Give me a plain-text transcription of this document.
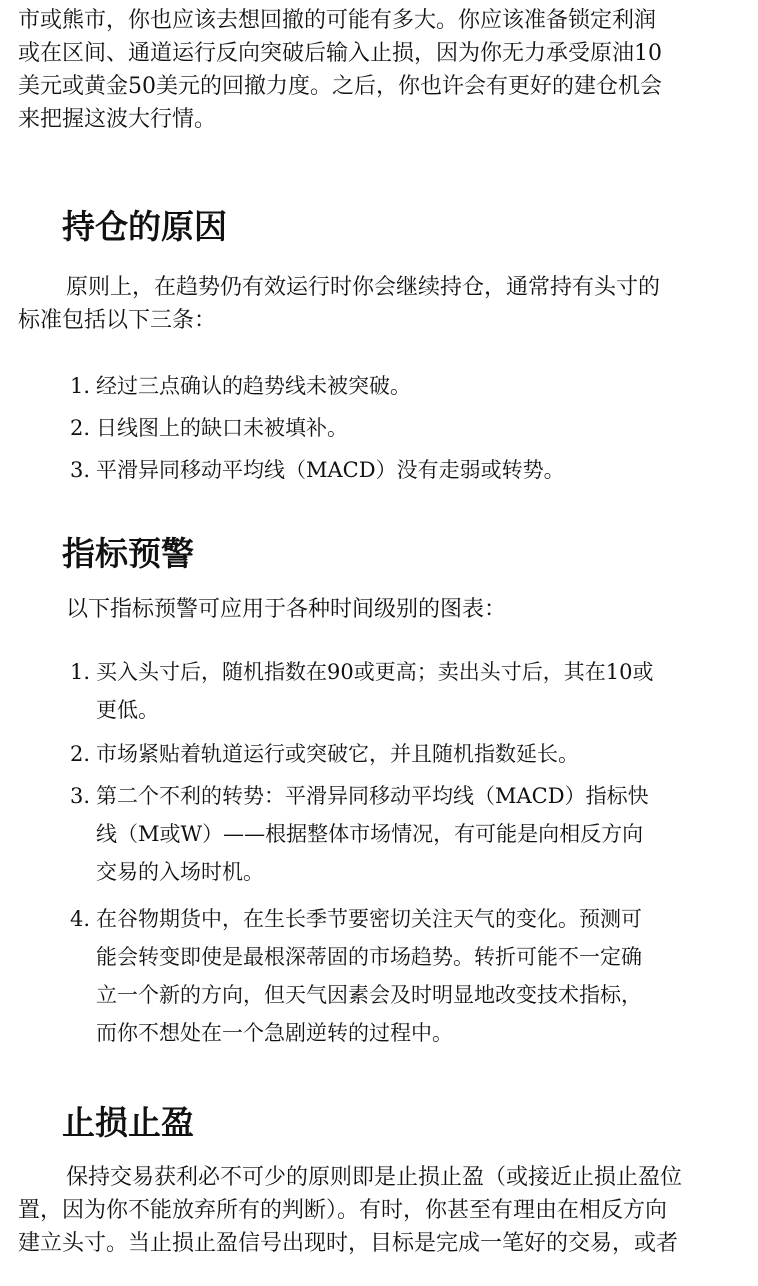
市或熊市，你也应该去想回撤的可能有多大。你应该准备锁定利润
或在区间、通道运行反向突破后输入止损，因为你无力承受原油10
美元或黄金50美元的回撤力度。之后，你也许会有更好的建仓机会
来把握这波大行情。
持仓的原因
原则上，在趋势仍有效运行时你会继续持仓，通常持有头寸的
标准包括以下三条：
1. 经过三点确认的趋势线未被突破。
2. 日线图上的缺口未被填补。
3. 平滑异同移动平均线（MACD）没有走弱或转势。
指标预警
以下指标预警可应用于各种时间级别的图表：
1. 买入头寸后，随机指数在90或更高；卖出头寸后，其在10或
更低。
2. 市场紧贴着轨道运行或突破它，并且随机指数延长。
3. 第二个不利的转势：平滑异同移动平均线（MACD）指标快
线（M或W）——根据整体市场情况，有可能是向相反方向
交易的入场时机。
4. 在谷物期货中，在生长季节要密切关注天气的变化。预测可
能会转变即使是最根深蒂固的市场趋势。转折可能不一定确
立一个新的方向，但天气因素会及时明显地改变技术指标，
而你不想处在一个急剧逆转的过程中。
止损止盈
保持交易获利必不可少的原则即是止损止盈（或接近止损止盈位
置，因为你不能放弃所有的判断）。有时，你甚至有理由在相反方向
建立头寸。当止损止盈信号出现时，目标是完成一笔好的交易，或者
